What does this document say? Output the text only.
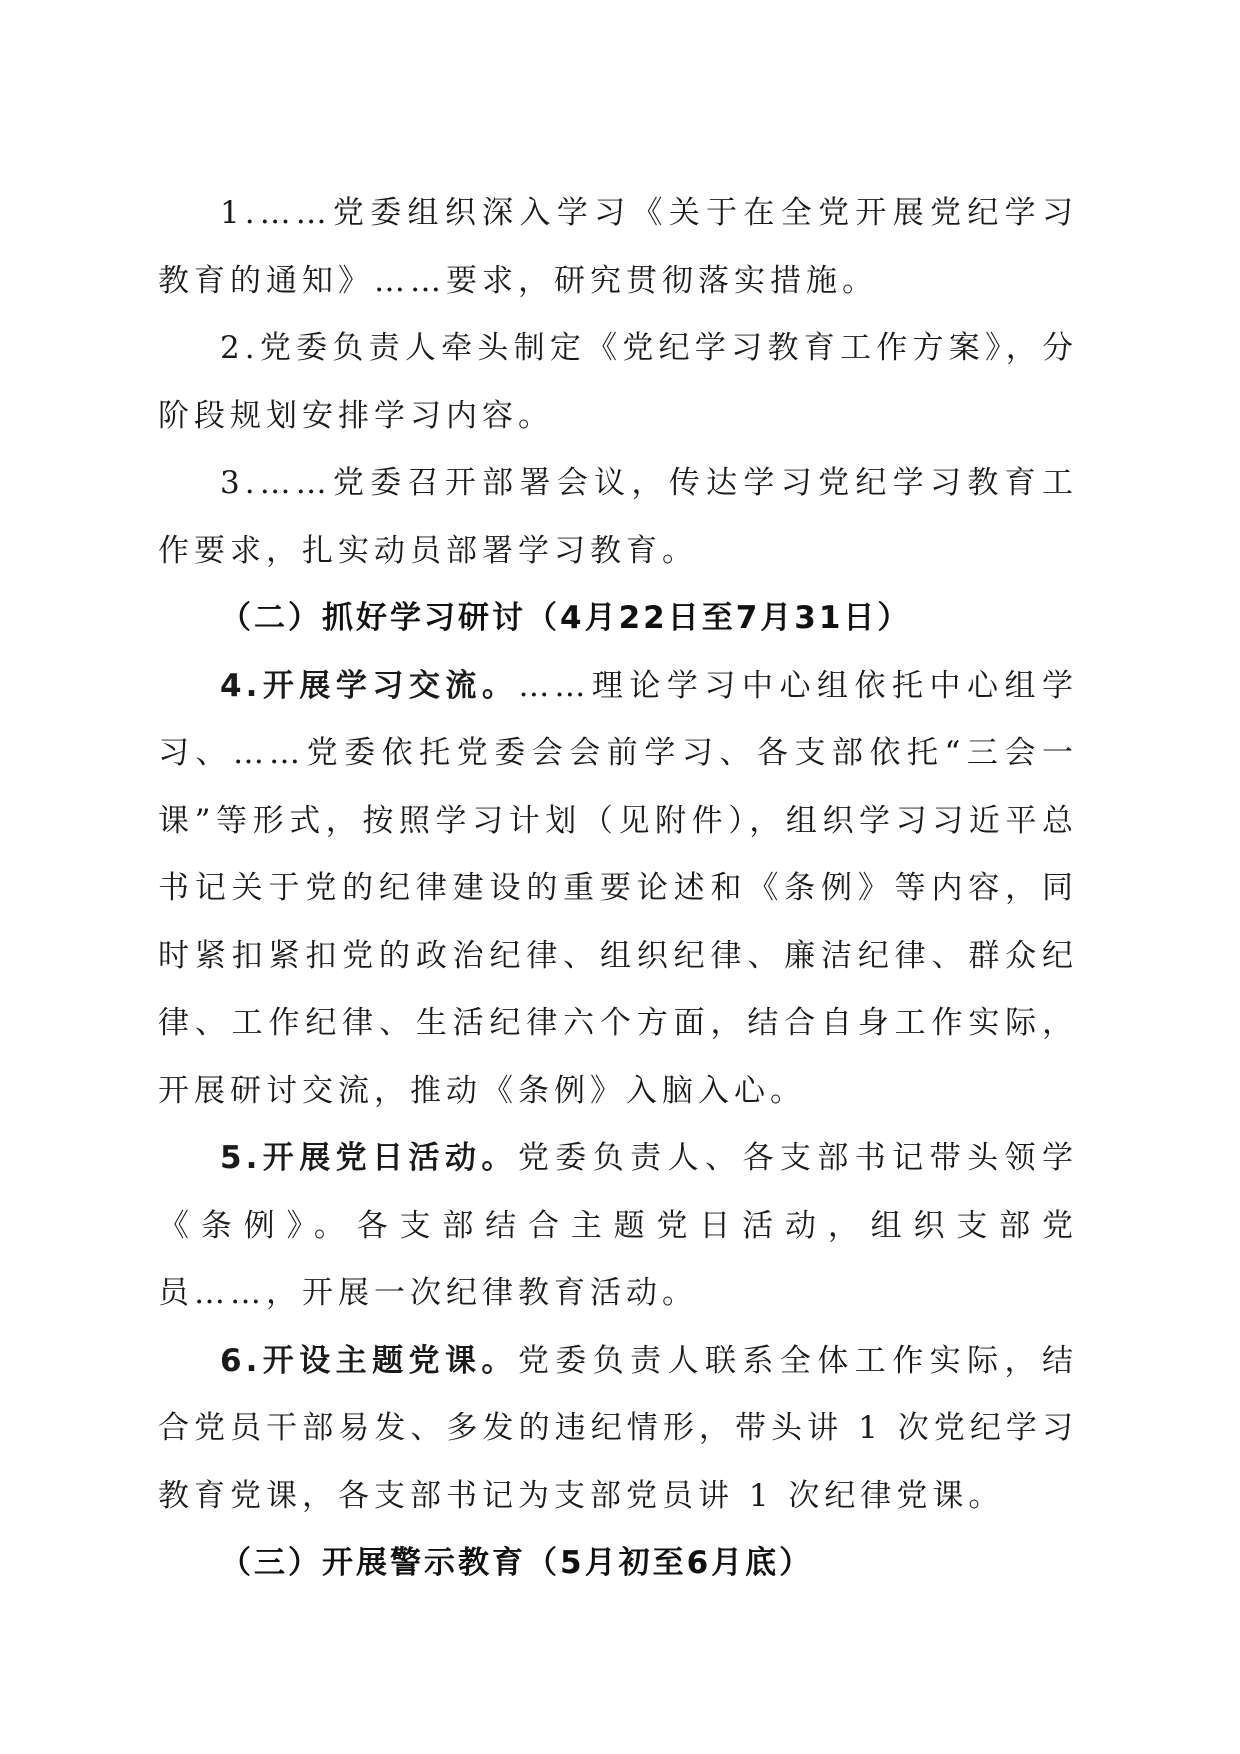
1.……党委组织深入学习《关于在全党开展党纪学习教育的通知》……要求，研究贯彻落实措施。

2.党委负责人牵头制定《党纪学习教育工作方案》，分阶段规划安排学习内容。

3.……党委召开部署会议，传达学习党纪学习教育工作要求，扎实动员部署学习教育。

（二）抓好学习研讨（4月22日至7月31日）

4.开展学习交流。……理论学习中心组依托中心组学习、……党委依托党委会会前学习、各支部依托“三会一课”等形式，按照学习计划（见附件），组织学习习近平总书记关于党的纪律建设的重要论述和《条例》等内容，同时紧扣紧扣党的政治纪律、组织纪律、廉洁纪律、群众纪律、工作纪律、生活纪律六个方面，结合自身工作实际，开展研讨交流，推动《条例》入脑入心。

5.开展党日活动。党委负责人、各支部书记带头领学《条例》。各支部结合主题党日活动，组织支部党员……，开展一次纪律教育活动。

6.开设主题党课。党委负责人联系全体工作实际，结合党员干部易发、多发的违纪情形，带头讲 1 次党纪学习教育党课，各支部书记为支部党员讲 1 次纪律党课。

（三）开展警示教育（5月初至6月底）
